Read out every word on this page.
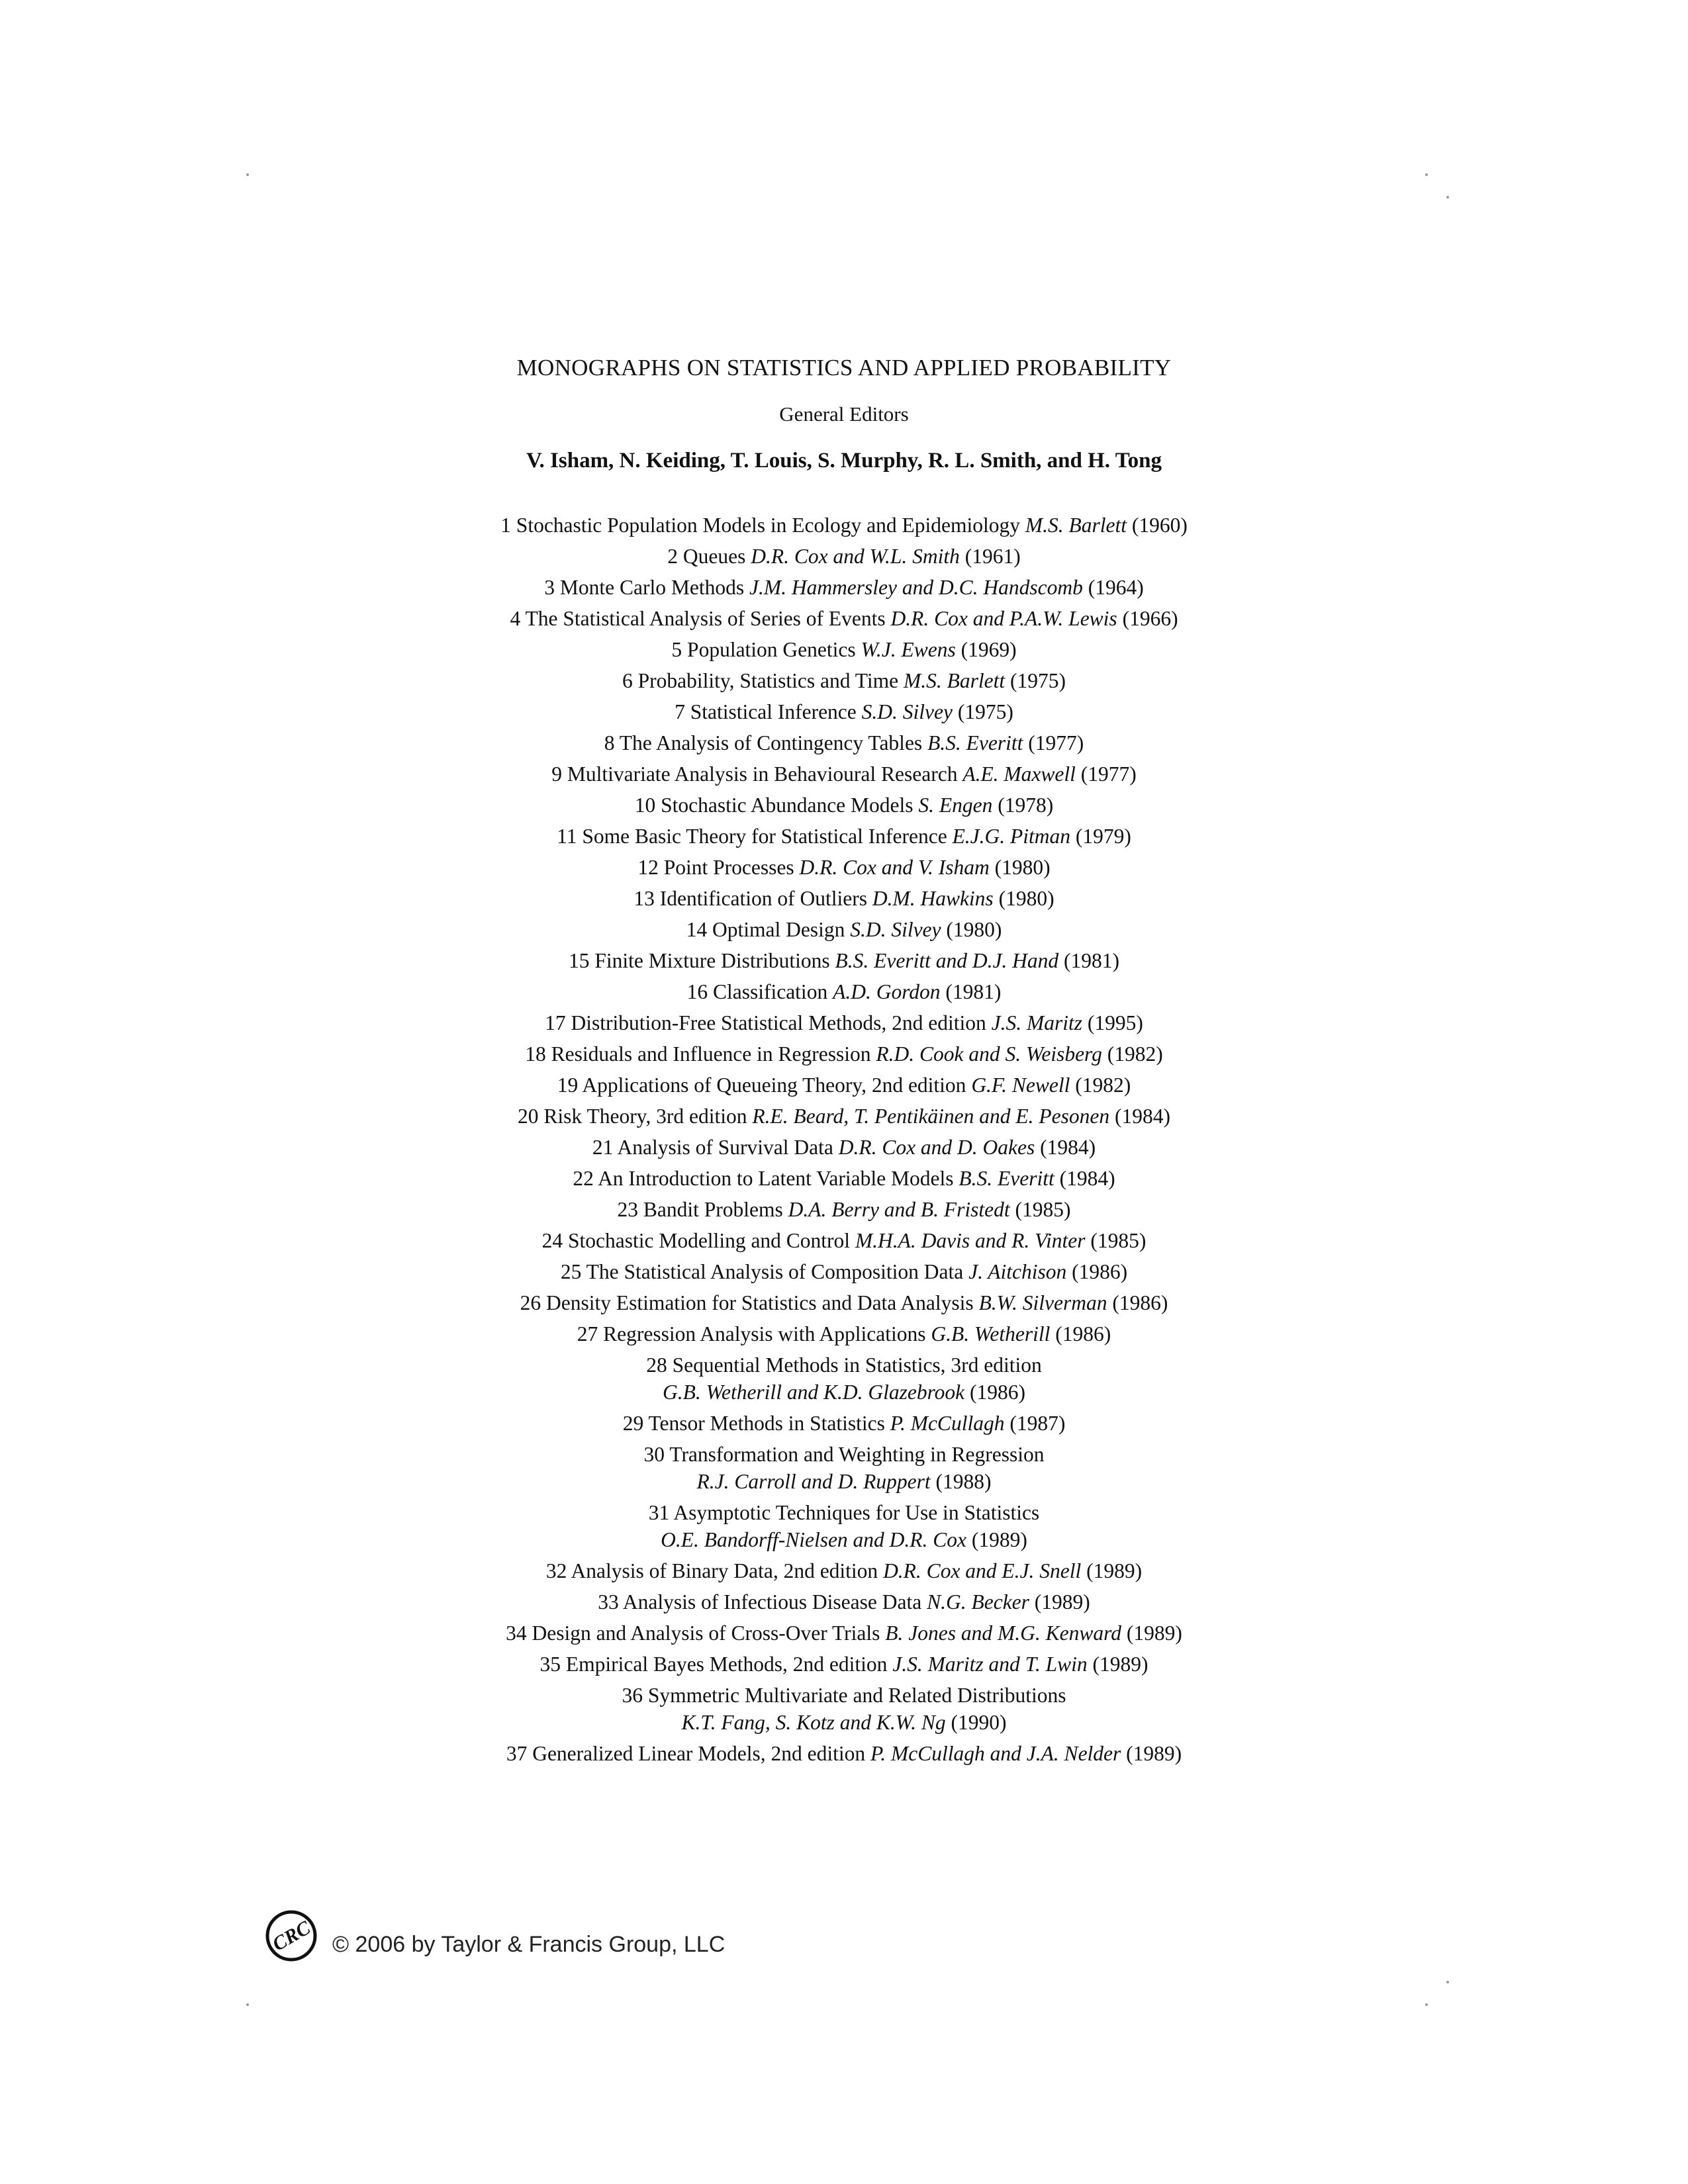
MONOGRAPHS ON STATISTICS AND APPLIED PROBABILITY
General Editors
V. Isham, N. Keiding, T. Louis, S. Murphy, R. L. Smith, and H. Tong
1 Stochastic Population Models in Ecology and Epidemiology M.S. Barlett (1960)
2 Queues D.R. Cox and W.L. Smith (1961)
3 Monte Carlo Methods J.M. Hammersley and D.C. Handscomb (1964)
4 The Statistical Analysis of Series of Events D.R. Cox and P.A.W. Lewis (1966)
5 Population Genetics W.J. Ewens (1969)
6 Probability, Statistics and Time M.S. Barlett (1975)
7 Statistical Inference S.D. Silvey (1975)
8 The Analysis of Contingency Tables B.S. Everitt (1977)
9 Multivariate Analysis in Behavioural Research A.E. Maxwell (1977)
10 Stochastic Abundance Models S. Engen (1978)
11 Some Basic Theory for Statistical Inference E.J.G. Pitman (1979)
12 Point Processes D.R. Cox and V. Isham (1980)
13 Identification of Outliers D.M. Hawkins (1980)
14 Optimal Design S.D. Silvey (1980)
15 Finite Mixture Distributions B.S. Everitt and D.J. Hand (1981)
16 Classification A.D. Gordon (1981)
17 Distribution-Free Statistical Methods, 2nd edition J.S. Maritz (1995)
18 Residuals and Influence in Regression R.D. Cook and S. Weisberg (1982)
19 Applications of Queueing Theory, 2nd edition G.F. Newell (1982)
20 Risk Theory, 3rd edition R.E. Beard, T. Pentikäinen and E. Pesonen (1984)
21 Analysis of Survival Data D.R. Cox and D. Oakes (1984)
22 An Introduction to Latent Variable Models B.S. Everitt (1984)
23 Bandit Problems D.A. Berry and B. Fristedt (1985)
24 Stochastic Modelling and Control M.H.A. Davis and R. Vinter (1985)
25 The Statistical Analysis of Composition Data J. Aitchison (1986)
26 Density Estimation for Statistics and Data Analysis B.W. Silverman (1986)
27 Regression Analysis with Applications G.B. Wetherill (1986)
28 Sequential Methods in Statistics, 3rd edition
G.B. Wetherill and K.D. Glazebrook (1986)
29 Tensor Methods in Statistics P. McCullagh (1987)
30 Transformation and Weighting in Regression
R.J. Carroll and D. Ruppert (1988)
31 Asymptotic Techniques for Use in Statistics
O.E. Bandorff-Nielsen and D.R. Cox (1989)
32 Analysis of Binary Data, 2nd edition D.R. Cox and E.J. Snell (1989)
33 Analysis of Infectious Disease Data N.G. Becker (1989)
34 Design and Analysis of Cross-Over Trials B. Jones and M.G. Kenward (1989)
35 Empirical Bayes Methods, 2nd edition J.S. Maritz and T. Lwin (1989)
36 Symmetric Multivariate and Related Distributions
K.T. Fang, S. Kotz and K.W. Ng (1990)
37 Generalized Linear Models, 2nd edition P. McCullagh and J.A. Nelder (1989)
CRC © 2006 by Taylor & Francis Group, LLC
